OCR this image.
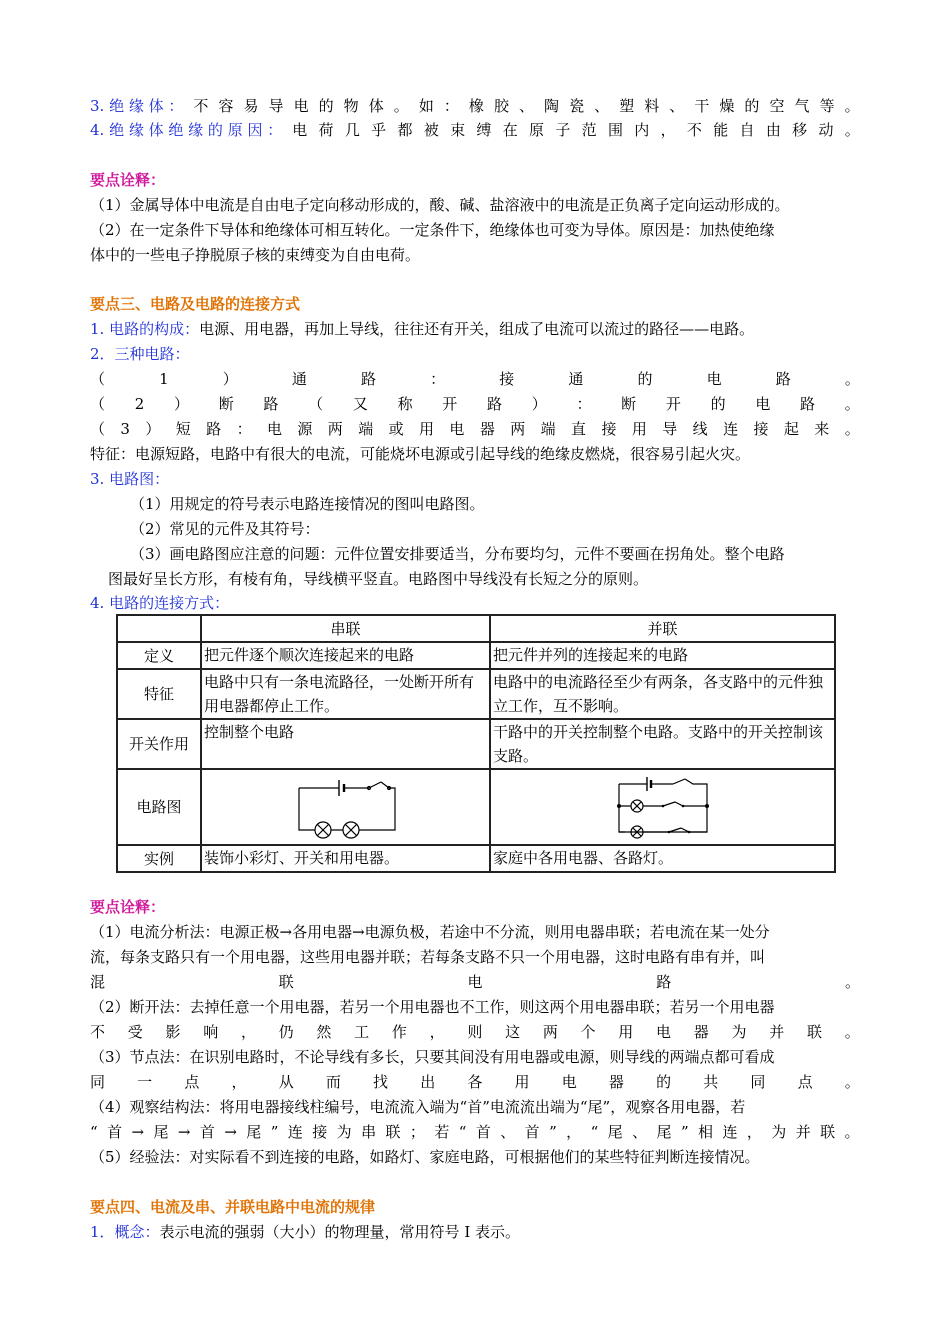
3. 绝 缘 体 ： 不 容 易 导 电 的 物 体 。 如 ： 橡 胶 、 陶 瓷 、 塑 料 、 干 燥 的 空 气 等 。
4. 绝 缘 体 绝 缘 的 原 因 ： 电 荷 几 乎 都 被 束 缚 在 原 子 范 围 内 ， 不 能 自 由 移 动 。
要点诠释：
（1）金属导体中电流是自由电子定向移动形成的，酸、碱、盐溶液中的电流是正负离子定向运动形成的。
（2）在一定条件下导体和绝缘体可相互转化。一定条件下，绝缘体也可变为导体。原因是：加热使绝缘
体中的一些电子挣脱原子核的束缚变为自由电荷。
要点三、电路及电路的连接方式
1. 电路的构成：电源、用电器，再加上导线，往往还有开关，组成了电流可以流过的路径——电路。
2．三种电路：
（	1	）	通	路	：	接	通	的	电	路	。
（ 2 ） 断 路 （ 又 称 开 路 ） ： 断 开 的 电 路 。
（ 3 ） 短 路 ： 电 源 两 端 或 用 电 器 两 端 直 接 用 导 线 连 接 起 来 。
特征：电源短路，电路中有很大的电流，可能烧坏电源或引起导线的绝缘皮燃烧，很容易引起火灾。
3. 电路图：
（1）用规定的符号表示电路连接情况的图叫电路图。
（2）常见的元件及其符号：
（3）画电路图应注意的问题：元件位置安排要适当，分布要均匀，元件不要画在拐角处。整个电路
图最好呈长方形，有棱有角，导线横平竖直。电路图中导线没有长短之分的原则。
4. 电路的连接方式：
	串联	并联
定义	把元件逐个顺次连接起来的电路	把元件并列的连接起来的电路
特征	电路中只有一条电流路径，一处断开所有用电器都停止工作。	电路中的电流路径至少有两条，各支路中的元件独立工作，互不影响。
开关作用	控制整个电路	干路中的开关控制整个电路。支路中的开关控制该支路。
电路图	

实例	装饰小彩灯、开关和用电器。	家庭中各用电器、各路灯。
要点诠释：
（1）电流分析法：电源正极→各用电器→电源负极，若途中不分流，则用电器串联；若电流在某一处分
流，每条支路只有一个用电器，这些用电器并联；若每条支路不只一个用电器，这时电路有串有并，叫
混	联	电	路	。
（2）断开法：去掉任意一个用电器，若另一个用电器也不工作，则这两个用电器串联；若另一个用电器
不 受 影 响 ， 仍 然 工 作 ， 则 这 两 个 用 电 器 为 并 联 。
（3）节点法：在识别电路时，不论导线有多长，只要其间没有用电器或电源，则导线的两端点都可看成
同 一 点 ， 从 而 找 出 各 用 电 器 的 共 同 点 。
（4）观察结构法：将用电器接线柱编号，电流流入端为“首”电流流出端为“尾”，观察各用电器，若
“ 首 → 尾 → 首 → 尾 ” 连 接 为 串 联 ； 若 “ 首 、 首 ” ， “ 尾 、 尾 ” 相 连 ， 为 并 联 。
（5）经验法：对实际看不到连接的电路，如路灯、家庭电路，可根据他们的某些特征判断连接情况。
要点四、电流及串、并联电路中电流的规律
1．概念：表示电流的强弱（大小）的物理量，常用符号 I 表示。
